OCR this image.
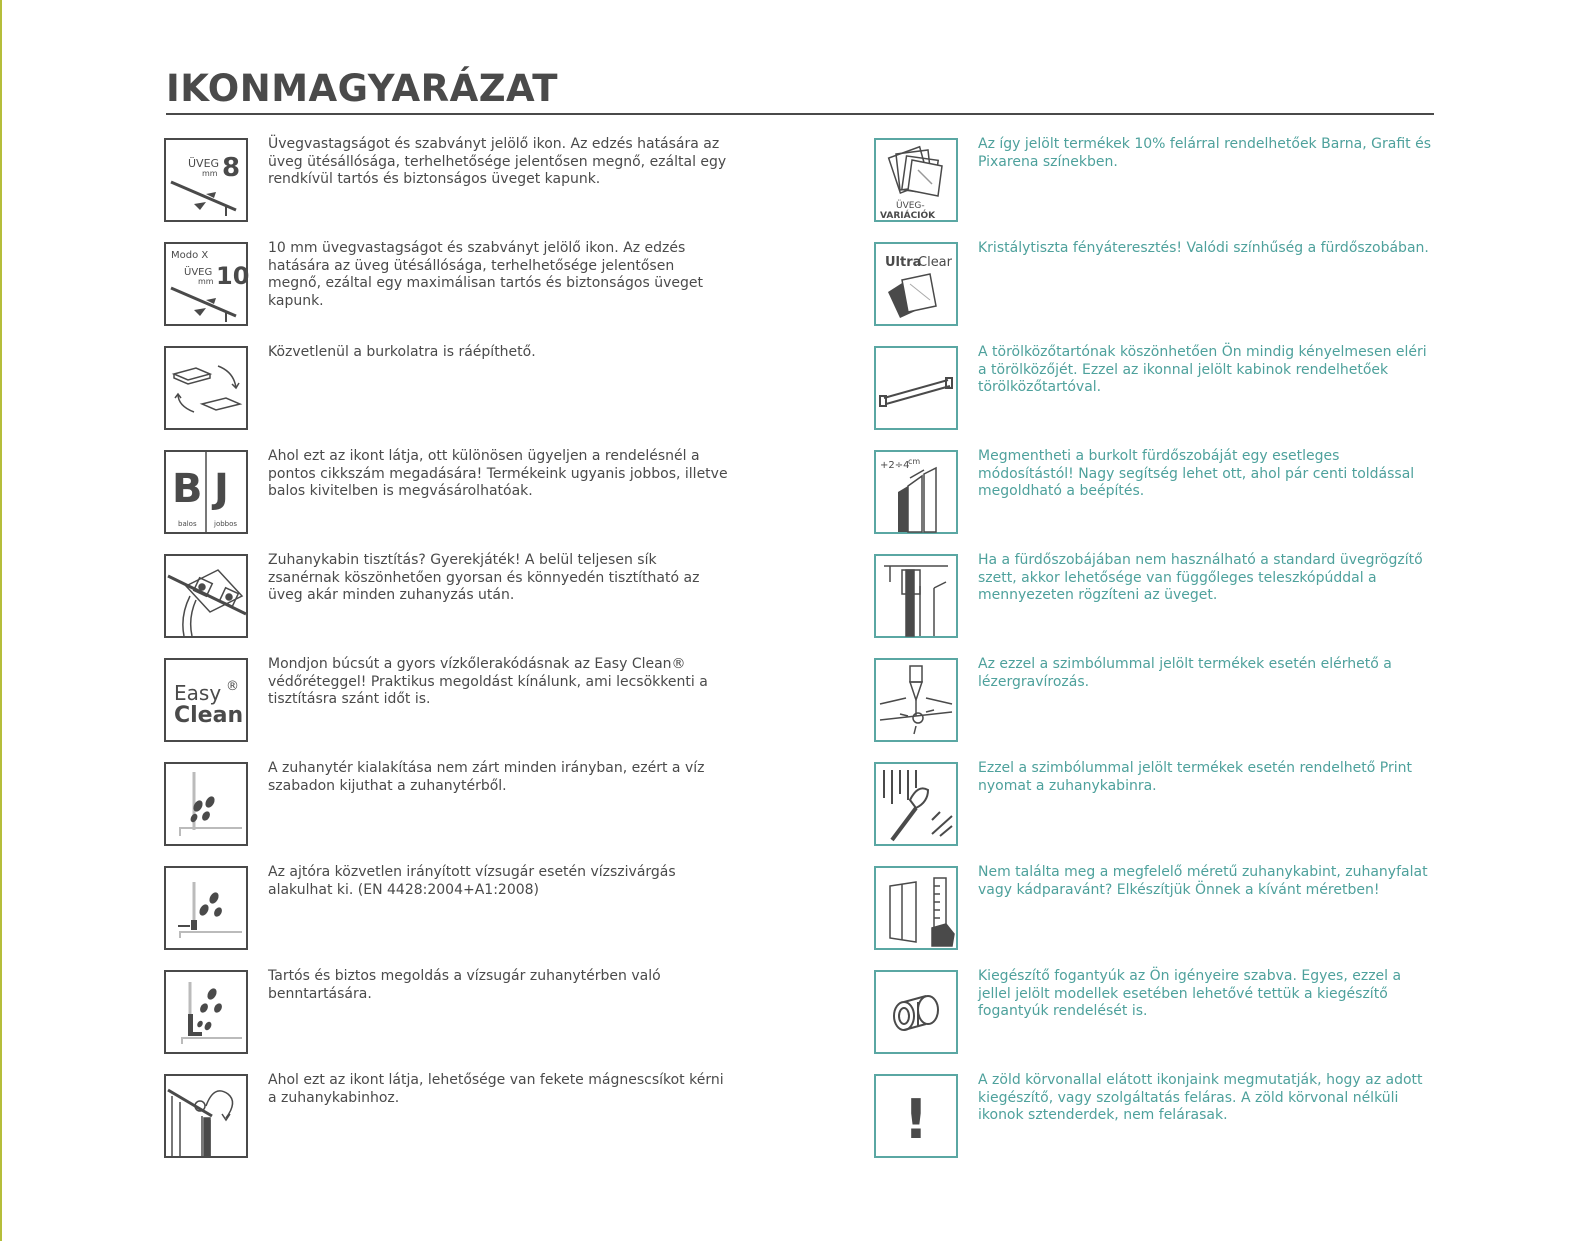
IKONMAGYARÁZAT
ÜVEG
mm 8
Üvegvastagságot és szabványt jelölő ikon. Az edzés hatására az üveg ütésállósága, terhelhetősége jelentősen megnő, ezáltal egy rendkívül tartós és biztonságos üveget kapunk.
Modo X
ÜVEG
mm 10
10 mm üvegvastagságot és szabványt jelölő ikon. Az edzés hatására az üveg ütésállósága, terhelhetősége jelentősen megnő, ezáltal egy maximálisan tartós és biztonságos üveget kapunk.
Közvetlenül a burkolatra is ráépíthető.
B J
balos jobbos
Ahol ezt az ikont látja, ott különösen ügyeljen a rendelésnél a pontos cikkszám megadására! Termékeink ugyanis jobbos, illetve balos kivitelben is megvásárolhatóak.
Zuhanykabin tisztítás? Gyerekjáték! A belül teljesen sík zsanérnak köszönhetően gyorsan és könnyedén tisztítható az üveg akár minden zuhanyzás után.
Easy
Clean
®
Mondjon búcsút a gyors vízkőlerakódásnak az Easy Clean® védőréteggel! Praktikus megoldást kínálunk, ami lecsökkenti a tisztításra szánt időt is.
A zuhanytér kialakítása nem zárt minden irányban, ezért a víz szabadon kijuthat a zuhanytérből.
Az ajtóra közvetlen irányított vízsugár esetén vízszivárgás alakulhat ki. (EN 4428:2004+A1:2008)
Tartós és biztos megoldás a vízsugár zuhanytérben való benntartására.
Ahol ezt az ikont látja, lehetősége van fekete mágnescsíkot kérni a zuhanykabinhoz.
ÜVEG-
VARIÁCIÓK
Az így jelölt termékek 10% felárral rendelhetőek Barna, Grafit és Pixarena színekben.
Ultra
Clear
Kristálytiszta fényáteresztés! Valódi színhűség a fürdőszobában.
A törölközőtartónak köszönhetően Ön mindig kényelmesen eléri a törölközőjét. Ezzel az ikonnal jelölt kabinok rendelhetőek törölközőtartóval.
+2÷4
cm	Megmentheti a burkolt fürdőszobáját egy esetleges módosítástól! Nagy segítség lehet ott, ahol pár centi toldással megoldható a beépítés.
Ha a fürdőszobájában nem használható a standard üvegrögzítő szett, akkor lehetősége van függőleges teleszkópúddal a mennyezeten rögzíteni az üveget.
Az ezzel a szimbólummal jelölt termékek esetén elérhető a lézergravírozás.
Ezzel a szimbólummal jelölt termékek esetén rendelhető Print nyomat a zuhanykabinra.
Nem találta meg a megfelelő méretű zuhanykabint, zuhanyfalat vagy kádparavánt? Elkészítjük Önnek a kívánt méretben!
Kiegészítő fogantyúk az Ön igényeire szabva. Egyes, ezzel a jellel jelölt modellek esetében lehetővé tettük a kiegészítő fogantyúk rendelését is.
!
A zöld körvonallal elátott ikonjaink megmutatják, hogy az adott kiegészítő, vagy szolgáltatás feláras. A zöld körvonal nélküli ikonok sztenderdek, nem felárasak.
